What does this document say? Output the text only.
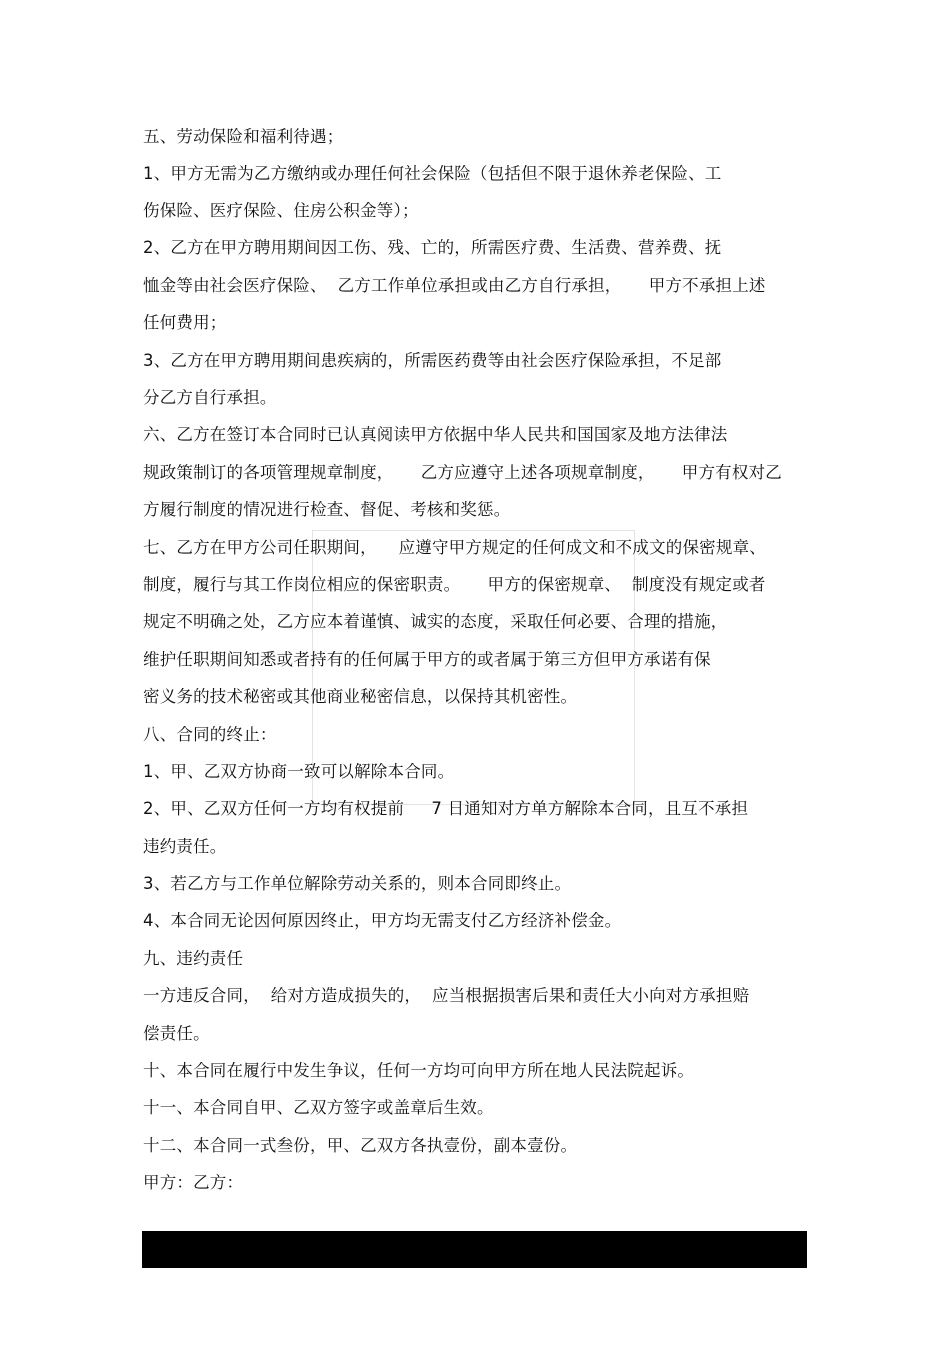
五、劳动保险和福利待遇；
1、甲方无需为乙方缴纳或办理任何社会保险（包括但不限于退休养老保险、工
伤保险、医疗保险、住房公积金等）；
2、乙方在甲方聘用期间因工伤、残、亡的，所需医疗费、生活费、营养费、抚
恤金等由社会医疗保险、  乙方工作单位承担或由乙方自行承担，     甲方不承担上述
任何费用；
3、乙方在甲方聘用期间患疾病的，所需医药费等由社会医疗保险承担，不足部
分乙方自行承担。
六、乙方在签订本合同时已认真阅读甲方依据中华人民共和国国家及地方法律法
规政策制订的各项管理规章制度，     乙方应遵守上述各项规章制度，     甲方有权对乙
方履行制度的情况进行检查、督促、考核和奖惩。
七、乙方在甲方公司任职期间，    应遵守甲方规定的任何成文和不成文的保密规章、
制度，履行与其工作岗位相应的保密职责。     甲方的保密规章、  制度没有规定或者
规定不明确之处，乙方应本着谨慎、诚实的态度，采取任何必要、合理的措施，
维护任职期间知悉或者持有的任何属于甲方的或者属于第三方但甲方承诺有保
密义务的技术秘密或其他商业秘密信息，以保持其机密性。
八、合同的终止：
1、甲、乙双方协商一致可以解除本合同。
2、甲、乙双方任何一方均有权提前     7 日通知对方单方解除本合同，且互不承担
违约责任。
3、若乙方与工作单位解除劳动关系的，则本合同即终止。
4、本合同无论因何原因终止，甲方均无需支付乙方经济补偿金。
九、违约责任
一方违反合同，  给对方造成损失的，  应当根据损害后果和责任大小向对方承担赔
偿责任。
十、本合同在履行中发生争议，任何一方均可向甲方所在地人民法院起诉。
十一、本合同自甲、乙双方签字或盖章后生效。
十二、本合同一式叁份，甲、乙双方各执壹份，副本壹份。
甲方：乙方：
